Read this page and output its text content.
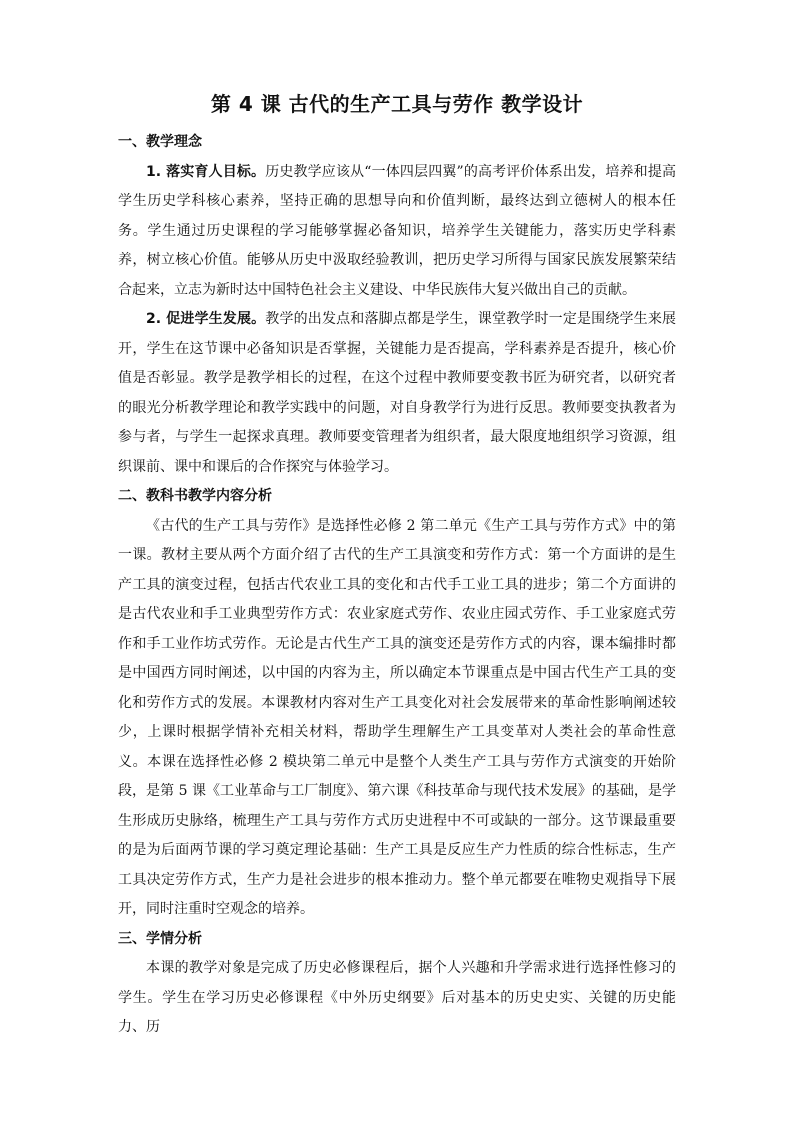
第 4 课 古代的生产工具与劳作 教学设计
一、教学理念

1. 落实育人目标。历史教学应该从“一体四层四翼”的高考评价体系出发，培养和提高学生历史学科核心素养，坚持正确的思想导向和价值判断，最终达到立德树人的根本任务。学生通过历史课程的学习能够掌握必备知识，培养学生关键能力，落实历史学科素养，树立核心价值。能够从历史中汲取经验教训，把历史学习所得与国家民族发展繁荣结合起来，立志为新时达中国特色社会主义建设、中华民族伟大复兴做出自己的贡献。

2. 促进学生发展。教学的出发点和落脚点都是学生，课堂教学时一定是围绕学生来展开，学生在这节课中必备知识是否掌握，关键能力是否提高，学科素养是否提升，核心价值是否彰显。教学是教学相长的过程，在这个过程中教师要变教书匠为研究者，以研究者的眼光分析教学理论和教学实践中的问题，对自身教学行为进行反思。教师要变执教者为参与者，与学生一起探求真理。教师要变管理者为组织者，最大限度地组织学习资源，组织课前、课中和课后的合作探究与体验学习。

二、教科书教学内容分析

《古代的生产工具与劳作》是选择性必修 2 第二单元《生产工具与劳作方式》中的第一课。教材主要从两个方面介绍了古代的生产工具演变和劳作方式：第一个方面讲的是生产工具的演变过程，包括古代农业工具的变化和古代手工业工具的进步；第二个方面讲的是古代农业和手工业典型劳作方式：农业家庭式劳作、农业庄园式劳作、手工业家庭式劳作和手工业作坊式劳作。无论是古代生产工具的演变还是劳作方式的内容，课本编排时都是中国西方同时阐述，以中国的内容为主，所以确定本节课重点是中国古代生产工具的变化和劳作方式的发展。本课教材内容对生产工具变化对社会发展带来的革命性影响阐述较少，上课时根据学情补充相关材料，帮助学生理解生产工具变革对人类社会的革命性意义。本课在选择性必修 2 模块第二单元中是整个人类生产工具与劳作方式演变的开始阶段，是第 5 课《工业革命与工厂制度》、第六课《科技革命与现代技术发展》的基础，是学生形成历史脉络，梳理生产工具与劳作方式历史进程中不可或缺的一部分。这节课最重要的是为后面两节课的学习奠定理论基础：生产工具是反应生产力性质的综合性标志，生产工具决定劳作方式，生产力是社会进步的根本推动力。整个单元都要在唯物史观指导下展开，同时注重时空观念的培养。

三、学情分析

本课的教学对象是完成了历史必修课程后，据个人兴趣和升学需求进行选择性修习的学生。学生在学习历史必修课程《中外历史纲要》后对基本的历史史实、关键的历史能力、历
